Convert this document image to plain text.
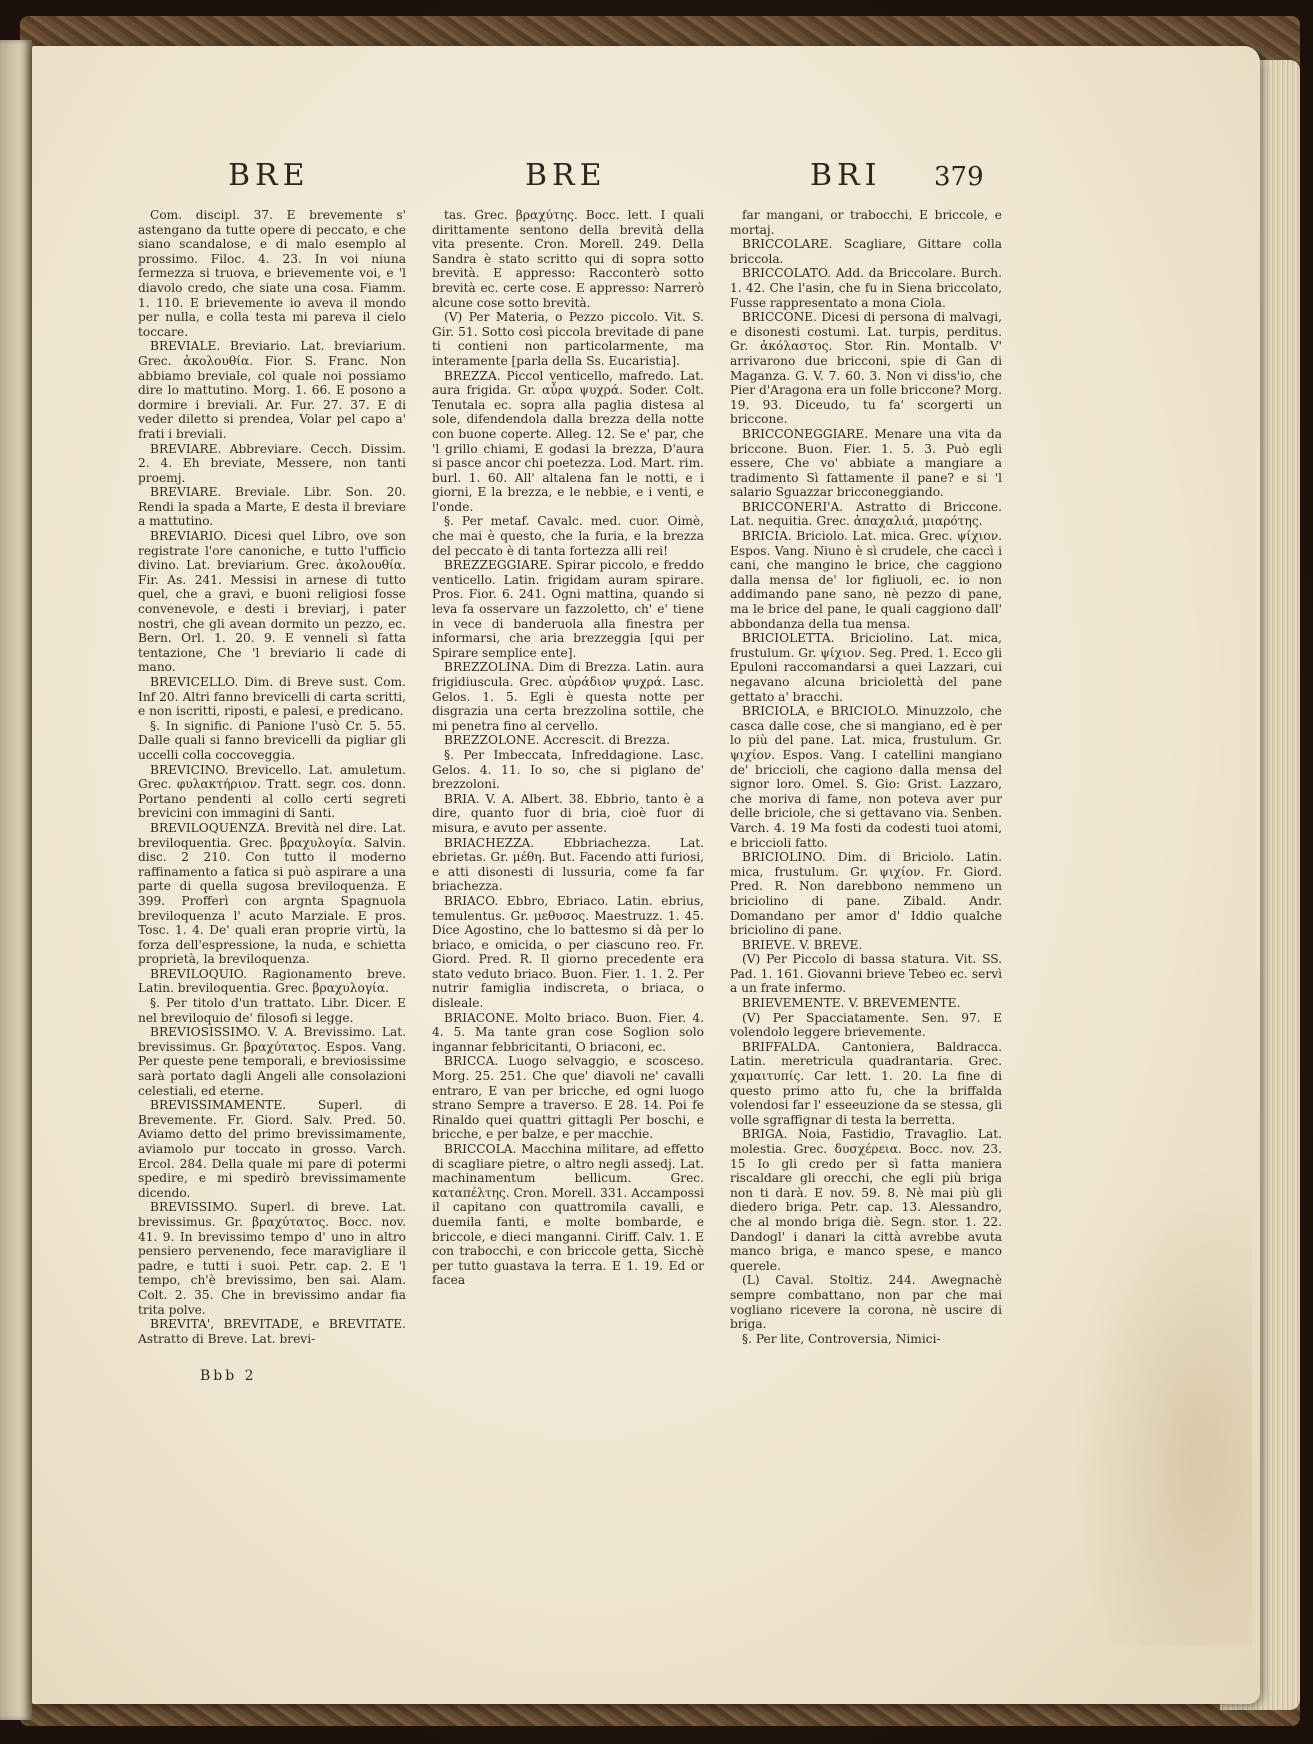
BRE	BRE	BRI 379

Com. discipl. 37. E brevemente s' astengano da tutte opere di peccato, e che siano scandalose, e di malo esemplo al prossimo. Filoc. 4. 23. In voi niuna fermezza si truova, e brievemente voi, e 'l diavolo credo, che siate una cosa. Fiamm. 1. 110. E brievemente io aveva il mondo per nulla, e colla testa mi pareva il cielo toccare.

BREVIALE. Breviario. Lat. breviarium. Grec. ἀκολουθία. Fior. S. Franc. Non abbiamo breviale, col quale noi possiamo dire lo mattutino. Morg. 1. 66. E posono a dormire i breviali. Ar. Fur. 27. 37. E di veder diletto si prendea, Volar pel capo a' frati i breviali.

BREVIARE. Abbreviare. Cecch. Dissim. 2. 4. Eh breviate, Messere, non tanti proemj.

BREVIARE. Breviale. Libr. Son. 20. Rendi la spada a Marte, E desta il breviare a mattutino.

BREVIARIO. Dicesi quel Libro, ove son registrate l'ore canoniche, e tutto l'ufficio divino. Lat. breviarium. Grec. ἀκολουθία. Fir. As. 241. Messisi in arnese di tutto quel, che a gravi, e buoni religiosi fosse convenevole, e desti i breviarj, i pater nostri, che gli avean dormito un pezzo, ec. Bern. Orl. 1. 20. 9. E venneli sì fatta tentazione, Che 'l breviario li cade di mano.

BREVICELLO. Dim. di Breve sust. Com. Inf 20. Altri fanno brevicelli di carta scritti, e non iscritti, riposti, e palesi, e predicano.

§. In signific. di Panione l'usò Cr. 5. 55. Dalle quali si fanno brevicelli da pigliar gli uccelli colla coccoveggia.

BREVICINO. Brevicello. Lat. amuletum. Grec. φυλακτήριον. Tratt. segr. cos. donn. Portano pendenti al collo certi segreti brevicini con immagini di Santi.

BREVILOQUENZA. Brevità nel dire. Lat. breviloquentia. Grec. βραχυλογία. Salvin. disc. 2 210. Con tutto il moderno raffinamento a fatica si può aspirare a una parte di quella sugosa breviloquenza. E 399. Profferì con argnta Spagnuola breviloquenza l' acuto Marziale. E pros. Tosc. 1. 4. De' quali eran proprie virtù, la forza dell'espressione, la nuda, e schietta proprietà, la breviloquenza.

BREVILOQUIO. Ragionamento breve. Latin. breviloquentia. Grec. βραχυλογία.

§. Per titolo d'un trattato. Libr. Dicer. E nel breviloquio de' filosofi si legge.

BREVIOSISSIMO. V. A. Brevissimo. Lat. brevissimus. Gr. βραχύτατος. Espos. Vang. Per queste pene temporali, e breviosissime sarà portato dagli Angeli alle consolazioni celestiali, ed eterne.

BREVISSIMAMENTE. Superl. di Brevemente. Fr. Giord. Salv. Pred. 50. Aviamo detto del primo brevissimamente, aviamolo pur toccato in grosso. Varch. Ercol. 284. Della quale mi pare di potermi spedire, e mi spedirò brevissimamente dicendo.

BREVISSIMO. Superl. di breve. Lat. brevissimus. Gr. βραχύτατος. Bocc. nov. 41. 9. In brevissimo tempo d' uno in altro pensiero pervenendo, fece maravigliare il padre, e tutti i suoi. Petr. cap. 2. E 'l tempo, ch'è brevissimo, ben sai. Alam. Colt. 2. 35. Che in brevissimo andar fia trita polve.

BREVITA', BREVITADE, e BREVITATE. Astratto di Breve. Lat. brevi-

tas. Grec. βραχύτης. Bocc. lett. I quali dirittamente sentono della brevità della vita presente. Cron. Morell. 249. Della Sandra è stato scritto qui di sopra sotto brevità. E appresso: Racconterò sotto brevità ec. certe cose. E appresso: Narrerò alcune cose sotto brevità.

(V) Per Materia, o Pezzo piccolo. Vit. S. Gir. 51. Sotto così piccola brevitade di pane ti contieni non particolarmente, ma interamente [parla della Ss. Eucaristia].

BREZZA. Piccol venticello, mafredo. Lat. aura frigida. Gr. αὖρα ψυχρά. Soder. Colt. Tenutala ec. sopra alla paglia distesa al sole, difendendola dalla brezza della notte con buone coperte. Alleg. 12. Se e' par, che 'l grillo chiami, E godasi la brezza, D'aura si pasce ancor chi poetezza. Lod. Mart. rim. burl. 1. 60. All' altalena fan le notti, e i giorni, E la brezza, e le nebbie, e i venti, e l'onde.

§. Per metaf. Cavalc. med. cuor. Oimè, che mai è questo, che la furia, e la brezza del peccato è di tanta fortezza alli rei!

BREZZEGGIARE. Spirar piccolo, e freddo venticello. Latin. frigidam auram spirare. Pros. Fior. 6. 241. Ogni mattina, quando si leva fa osservare un fazzoletto, ch' e' tiene in vece di banderuola alla finestra per informarsi, che aria brezzeggia [qui per Spirare semplice ente].

BREZZOLINA. Dim di Brezza. Latin. aura frigidiuscula. Grec. αὐράδιον ψυχρά. Lasc. Gelos. 1. 5. Egli è questa notte per disgrazia una certa brezzolina sottile, che mi penetra fino al cervello.

BREZZOLONE. Accrescit. di Brezza.

§. Per Imbeccata, Infreddagione. Lasc. Gelos. 4. 11. Io so, che si piglano de' brezzoloni.

BRIA. V. A. Albert. 38. Ebbrio, tanto è a dire, quanto fuor di bria, cioè fuor di misura, e avuto per assente.

BRIACHEZZA. Ebbriachezza. Lat. ebrietas. Gr. μέθη. But. Facendo atti furiosi, e atti disonesti di lussuria, come fa far briachezza.

BRIACO. Ebbro, Ebriaco. Latin. ebrius, temulentus. Gr. μεθυσος. Maestruzz. 1. 45. Dice Agostino, che lo battesmo si dà per lo briaco, e omicida, o per ciascuno reo. Fr. Giord. Pred. R. Il giorno precedente era stato veduto briaco. Buon. Fier. 1. 1. 2. Per nutrir famiglia indiscreta, o briaca, o disleale.

BRIACONE. Molto briaco. Buon. Fier. 4. 4. 5. Ma tante gran cose Soglion solo ingannar febbricitanti, O briaconi, ec.

BRICCA. Luogo selvaggio, e scosceso. Morg. 25. 251. Che que' diavoli ne' cavalli entraro, E van per bricche, ed ogni luogo strano Sempre a traverso. E 28. 14. Poi fe Rinaldo quei quattri gittagli Per boschi, e bricche, e per balze, e per macchie.

BRICCOLA. Macchina militare, ad effetto di scagliare pietre, o altro negli assedj. Lat. machinamentum bellicum. Grec. καταπέλτης. Cron. Morell. 331. Accampossi il capitano con quattromila cavalli, e duemila fanti, e molte bombarde, e briccole, e dieci manganni. Ciriff. Calv. 1. E con trabocchi, e con briccole getta, Sicchè per tutto guastava la terra. E 1. 19. Ed or facea

far mangani, or trabocchi, E briccole, e mortaj.

BRICCOLARE. Scagliare, Gittare colla briccola.

BRICCOLATO. Add. da Briccolare. Burch. 1. 42. Che l'asin, che fu in Siena briccolato, Fusse rappresentato a mona Ciola.

BRICCONE. Dicesi di persona di malvagi, e disonesti costumi. Lat. turpis, perditus. Gr. ἀκόλαστος. Stor. Rin. Montalb. V' arrivarono due bricconi, spie di Gan di Maganza. G. V. 7. 60. 3. Non vi diss'io, che Pier d'Aragona era un folle briccone? Morg. 19. 93. Diceudo, tu fa' scorgerti un briccone.

BRICCONEGGIARE. Menare una vita da briccone. Buon. Fier. 1. 5. 3. Può egli essere, Che vo' abbiate a mangiare a tradimento Sì fattamente il pane? e si 'l salario Sguazzar bricconeggiando.

BRICCONERI'A. Astratto di Briccone. Lat. nequitia. Grec. ἀπαχαλιά, μιαρότης.

BRICIA. Briciolo. Lat. mica. Grec. ψίχιον. Espos. Vang. Niuno è sì crudele, che caccì i cani, che mangino le brice, che caggiono dalla mensa de' lor figliuoli, ec. io non addimando pane sano, nè pezzo di pane, ma le brice del pane, le quali caggiono dall' abbondanza della tua mensa.

BRICIOLETTA. Briciolino. Lat. mica, frustulum. Gr. ψίχιον. Seg. Pred. 1. Ecco gli Epuloni raccomandarsi a quei Lazzari, cui negavano alcuna briciolettà del pane gettato a' bracchi.

BRICIOLA, e BRICIOLO. Minuzzolo, che casca dalle cose, che si mangiano, ed è per lo più del pane. Lat. mica, frustulum. Gr. ψιχίον. Espos. Vang. I catellini mangiano de' briccioli, che cagiono dalla mensa del signor loro. Omel. S. Gio: Grist. Lazzaro, che moriva di fame, non poteva aver pur delle briciole, che si gettavano via. Senben. Varch. 4. 19 Ma fosti da codesti tuoi atomi, e briccioli fatto.

BRICIOLINO. Dim. di Briciolo. Latin. mica, frustulum. Gr. ψιχίον. Fr. Giord. Pred. R. Non darebbono nemmeno un briciolino di pane. Zibald. Andr. Domandano per amor d' Iddio qualche briciolino di pane.

BRIEVE. V. BREVE.

(V) Per Piccolo di bassa statura. Vit. SS. Pad. 1. 161. Giovanni brieve Tebeo ec. servì a un frate infermo.

BRIEVEMENTE. V. BREVEMENTE.

(V) Per Spacciatamente. Sen. 97. E volendolo leggere brievemente.

BRIFFALDA. Cantoniera, Baldracca. Latin. meretricula quadrantaria. Grec. χαμαιτυπίς. Car lett. 1. 20. La fine di questo primo atto fu, che la briffalda volendosi far l' esseeuzione da se stessa, gli volle sgraffignar di testa la berretta.

BRIGA. Noia, Fastidio, Travaglio. Lat. molestia. Grec. δυσχέρεια. Bocc. nov. 23. 15 Io gli credo per sì fatta maniera riscaldare gli orecchi, che egli più briga non ti darà. E nov. 59. 8. Nè mai più gli diedero briga. Petr. cap. 13. Alessandro, che al mondo briga diè. Segn. stor. 1. 22. Dandogl' i danari la città avrebbe avuta manco briga, e manco spese, e manco querele.

(L) Caval. Stoltiz. 244. Awegnachè sempre combattano, non par che mai vogliano ricevere la corona, nè uscire di briga.

§. Per lite, Controversia, Nimici-

Bbb 2
